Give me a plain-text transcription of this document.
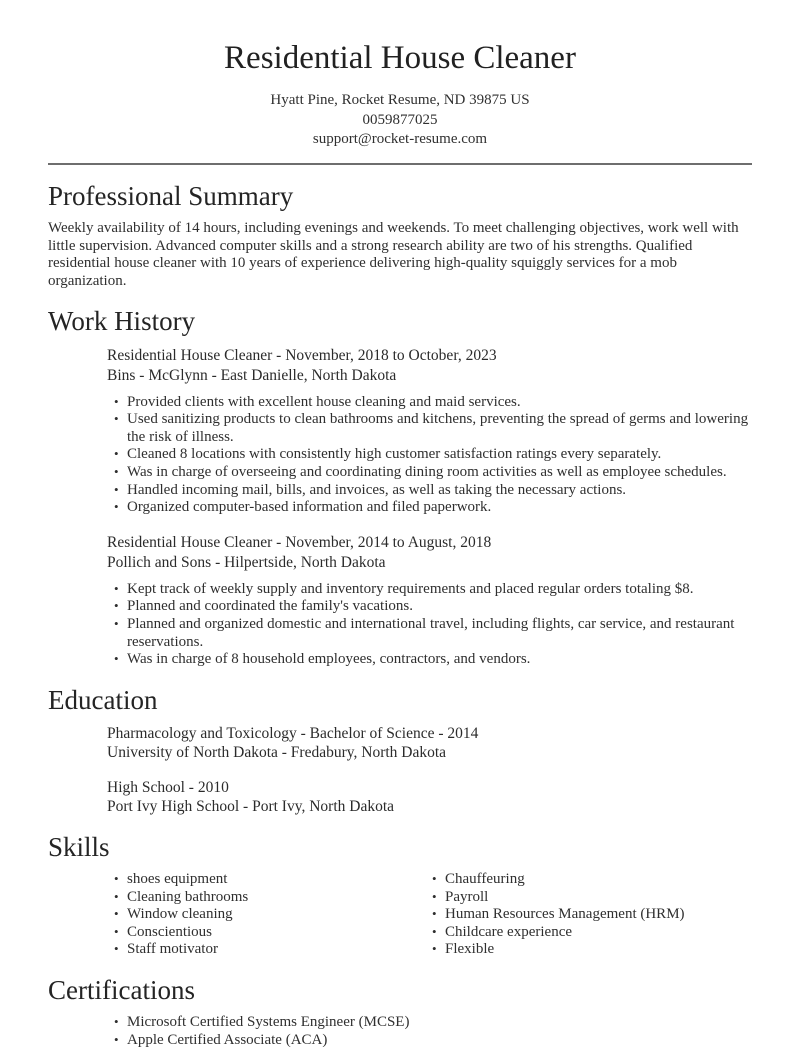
Residential House Cleaner
Hyatt Pine, Rocket Resume, ND 39875 US
0059877025
support@rocket-resume.com
Professional Summary

Weekly availability of 14 hours, including evenings and weekends. To meet challenging objectives, work well with little supervision. Advanced computer skills and a strong research ability are two of his strengths. Qualified residential house cleaner with 10 years of experience delivering high-quality squiggly services for a mob organization.

Work History
Residential House Cleaner - November, 2018 to October, 2023
Bins - McGlynn - East Danielle, North Dakota
• Provided clients with excellent house cleaning and maid services.
• Used sanitizing products to clean bathrooms and kitchens, preventing the spread of germs and lowering the risk of illness.
• Cleaned 8 locations with consistently high customer satisfaction ratings every separately.
• Was in charge of overseeing and coordinating dining room activities as well as employee schedules.
• Handled incoming mail, bills, and invoices, as well as taking the necessary actions.
• Organized computer-based information and filed paperwork.
Residential House Cleaner - November, 2014 to August, 2018
Pollich and Sons - Hilpertside, North Dakota
• Kept track of weekly supply and inventory requirements and placed regular orders totaling $8.
• Planned and coordinated the family's vacations.
• Planned and organized domestic and international travel, including flights, car service, and restaurant reservations.
• Was in charge of 8 household employees, contractors, and vendors.
Education
Pharmacology and Toxicology - Bachelor of Science - 2014
University of North Dakota - Fredabury, North Dakota
High School - 2010
Port Ivy High School - Port Ivy, North Dakota
Skills
• shoes equipment
• Cleaning bathrooms
• Window cleaning
• Conscientious
• Staff motivator
• Chauffeuring
• Payroll
• Human Resources Management (HRM)
• Childcare experience
• Flexible
Certifications
• Microsoft Certified Systems Engineer (MCSE)
• Apple Certified Associate (ACA)
